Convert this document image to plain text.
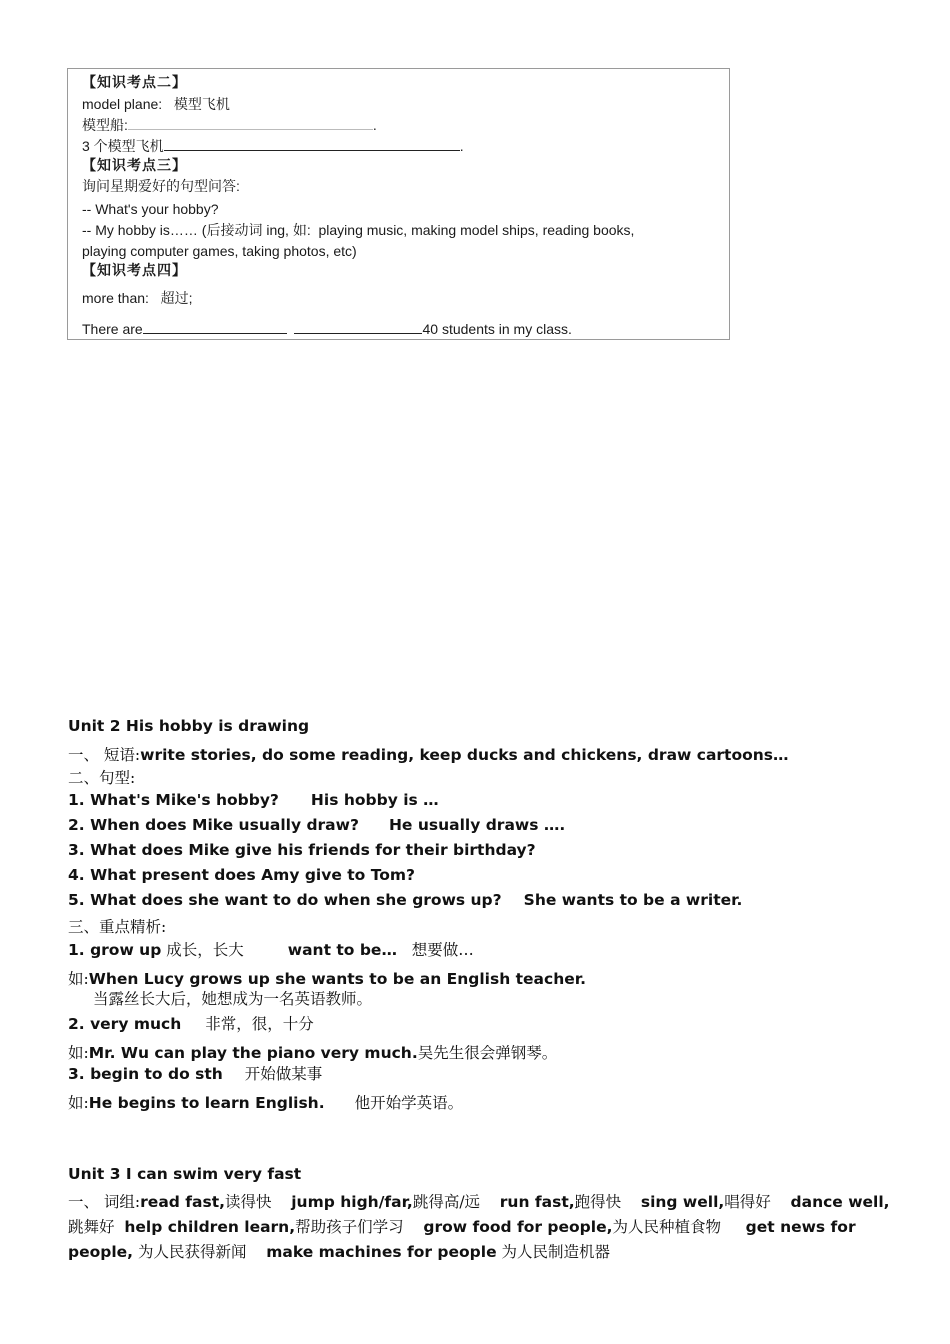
【知识考点二】
model plane: 模型飞机
模型船:	.
3 个模型飞机	.
【知识考点三】
询问星期爱好的句型问答:
-- What's your hobby?
-- My hobby is…… (后接动词 ing, 如: playing music, making model ships, reading books,
playing computer games, taking photos, etc)
【知识考点四】
more than: 超过;
There are	40 students in my class.
Unit 2 His hobby is drawing
一、 短语:write stories, do some reading, keep ducks and chickens, draw cartoons…
二、句型:
1. What's Mike's hobby? His hobby is …
2. When does Mike usually draw? He usually draws ….
3. What does Mike give his friends for their birthday?
4. What present does Amy give to Tom?
5. What does she want to do when she grows up? She wants to be a writer.
三、重点精析:
1. grow up 成长，长大	want to be… 想要做…
如:When Lucy grows up she wants to be an English teacher.
当露丝长大后，她想成为一名英语教师。
2. very much 非常，很，十分
如:Mr. Wu can play the piano very much.吴先生很会弹钢琴。
3. begin to do sth 开始做某事
如:He begins to learn English. 他开始学英语。
Unit 3 I can swim very fast
一、 词组:read fast,读得快 jump high/far,跳得高/远 run fast,跑得快 sing well,唱得好 dance well, 跳舞好 help children learn,帮助孩子们学习 grow food for people,为人民种植食物 get news for people, 为人民获得新闻 make machines for people 为人民制造机器
